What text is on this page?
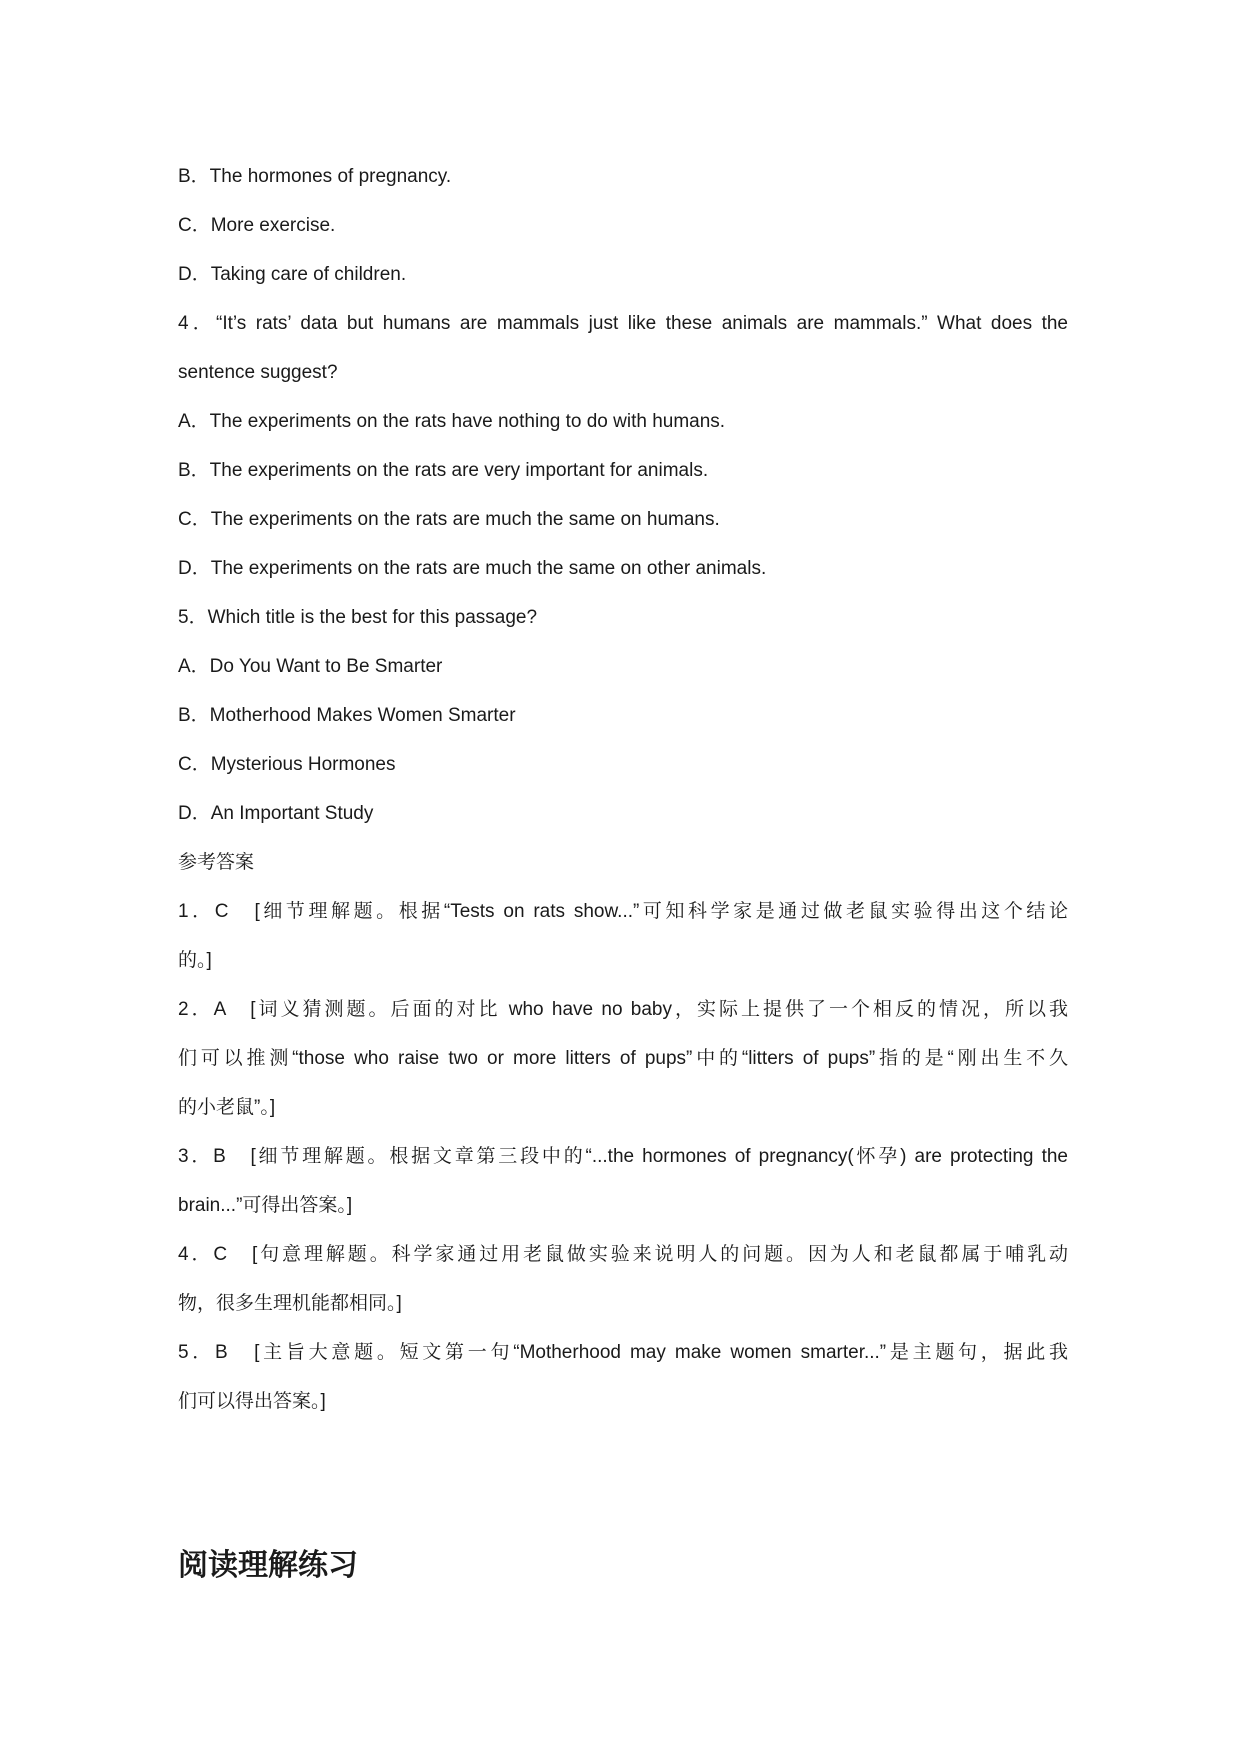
B．The hormones of pregnancy.
C．More exercise.
D．Taking care of children.
4．“It’s rats’ data but humans are mammals just like these animals are mammals.” What does the
sentence suggest?
A．The experiments on the rats have nothing to do with humans.
B．The experiments on the rats are very important for animals.
C．The experiments on the rats are much the same on humans.
D．The experiments on the rats are much the same on other animals.
5．Which title is the best for this passage?
A．Do You Want to Be Smarter
B．Motherhood Makes Women Smarter
C．Mysterious Hormones
D．An Important Study
参考答案
1．C　[细节理解题。根据“Tests on rats show...”可知科学家是通过做老鼠实验得出这个结论
的。]
2．A　[词义猜测题。后面的对比 who have no baby，实际上提供了一个相反的情况，所以我
们可以推测“those who raise two or more litters of pups”中的“litters of pups”指的是“刚出生不久
的小老鼠”。]
3．B　[细节理解题。根据文章第三段中的“...the hormones of pregnancy(怀孕) are protecting the
brain...”可得出答案。]
4．C　[句意理解题。科学家通过用老鼠做实验来说明人的问题。因为人和老鼠都属于哺乳动
物，很多生理机能都相同。]
5．B　[主旨大意题。短文第一句“Motherhood may make women smarter...”是主题句，据此我
们可以得出答案。]
阅读理解练习
